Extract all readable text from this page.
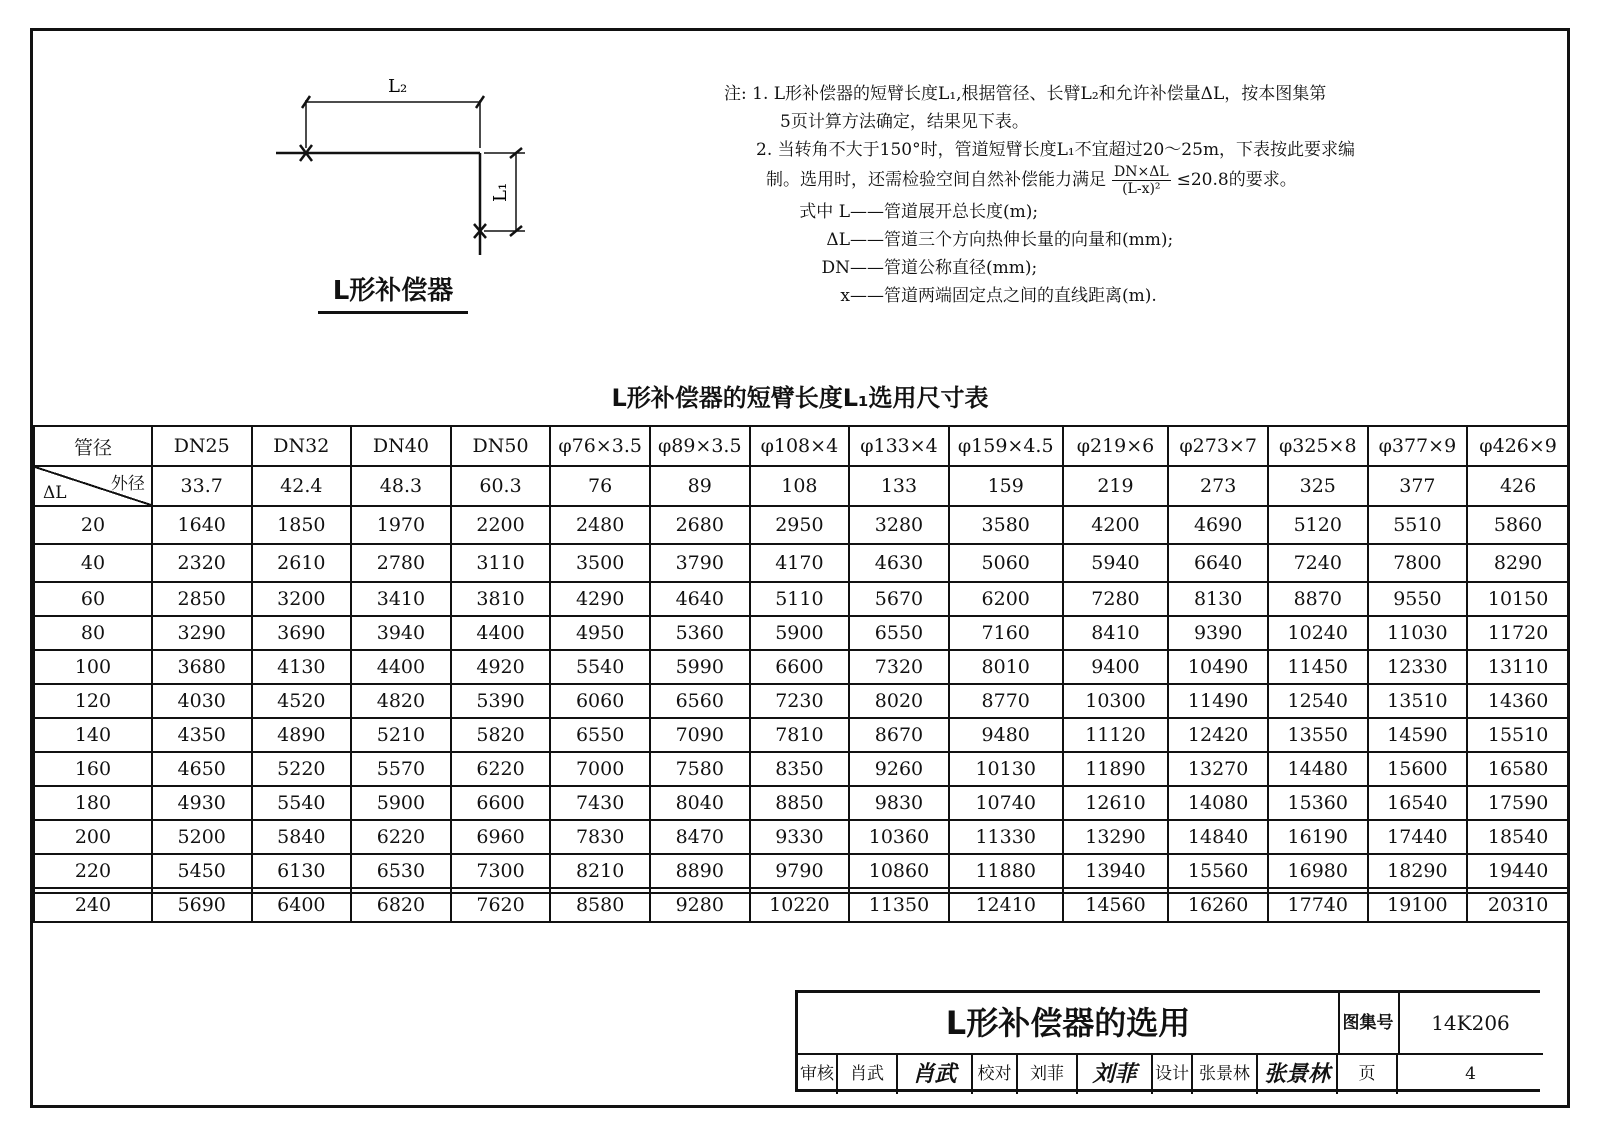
L₂
L₁
L形补偿器
注: 1. L形补偿器的短臂长度L₁,根据管径、长臂L₂和允许补偿量ΔL，按本图集第
5页计算方法确定，结果见下表。
2. 当转角不大于150°时，管道短臂长度L₁不宜超过20～25m，下表按此要求编
制。选用时，还需检验空间自然补偿能力满足 $\frac{DN\times\Delta L}{\text{(L-x)²}} \le 20.8$的要求。
式中 L——管道展开总长度(m);
ΔL——管道三个方向热伸长量的向量和(mm);
DN——管道公称直径(mm);
x——管道两端固定点之间的直线距离(m).
L形补偿器的短臂长度L₁选用尺寸表
管径	DN25	DN32	DN40	DN50	φ76×3.5	φ89×3.5	φ108×4	φ133×4	φ159×4.5	φ219×6	φ273×7	φ325×8	φ377×9	φ426×9

外径
ΔL	33.7	42.4	48.3	60.3	76	89	108	133	159	219	273	325	377	426
20	1640	1850	1970	2200	2480	2680	2950	3280	3580	4200	4690	5120	5510	5860
40	2320	2610	2780	3110	3500	3790	4170	4630	5060	5940	6640	7240	7800	8290
60	2850	3200	3410	3810	4290	4640	5110	5670	6200	7280	8130	8870	9550	10150
80	3290	3690	3940	4400	4950	5360	5900	6550	7160	8410	9390	10240	11030	11720
100	3680	4130	4400	4920	5540	5990	6600	7320	8010	9400	10490	11450	12330	13110
120	4030	4520	4820	5390	6060	6560	7230	8020	8770	10300	11490	12540	13510	14360
140	4350	4890	5210	5820	6550	7090	7810	8670	9480	11120	12420	13550	14590	15510
160	4650	5220	5570	6220	7000	7580	8350	9260	10130	11890	13270	14480	15600	16580
180	4930	5540	5900	6600	7430	8040	8850	9830	10740	12610	14080	15360	16540	17590
200	5200	5840	6220	6960	7830	8470	9330	10360	11330	13290	14840	16190	17440	18540
220	5450	6130	6530	7300	8210	8890	9790	10860	11880	13940	15560	16980	18290	19440
240	5690	6400	6820	7620	8580	9280	10220	11350	12410	14560	16260	17740	19100	20310
L形补偿器的选用	图集号	14K206
审核 肖武	肖武	校对	刘菲	刘菲	设计 张景林 张景林	页	4
